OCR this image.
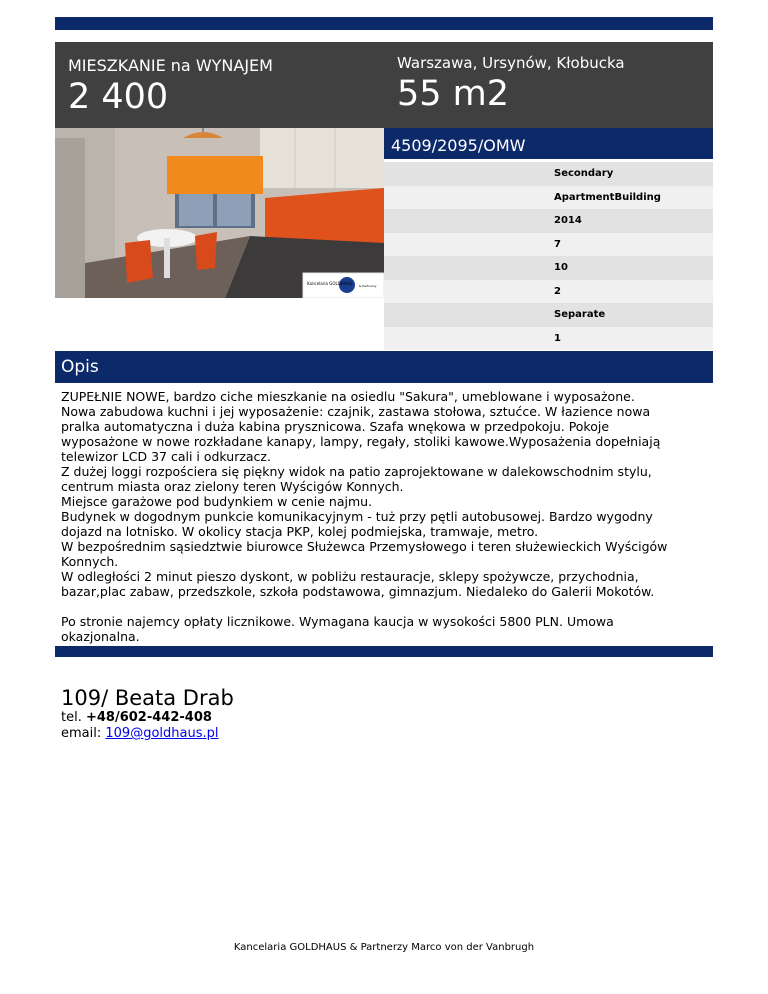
MIESZKANIE na WYNAJEM
2 400
Warszawa, Ursynów, Kłobucka
55 m2
Kancelaria GOLDHAUS & Partnerzy
4509/2095/OMW
Secondary
ApartmentBuilding
2014
7
10
2
Separate
1
Opis

ZUPEŁNIE NOWE, bardzo ciche mieszkanie na osiedlu "Sakura", umeblowane i wyposażone.

Nowa zabudowa kuchni i jej wyposażenie: czajnik, zastawa stołowa, sztućce. W łazience nowa

pralka automatyczna i duża kabina prysznicowa. Szafa wnękowa w przedpokoju. Pokoje

wyposażone w nowe rozkładane kanapy, lampy, regały, stoliki kawowe.Wyposażenia dopełniają

telewizor LCD 37 cali i odkurzacz.

Z dużej loggi rozpościera się piękny widok na patio zaprojektowane w dalekowschodnim stylu,

centrum miasta oraz zielony teren Wyścigów Konnych.

Miejsce garażowe pod budynkiem w cenie najmu.

Budynek w dogodnym punkcie komunikacyjnym - tuż przy pętli autobusowej. Bardzo wygodny

dojazd na lotnisko. W okolicy stacja PKP, kolej podmiejska, tramwaje, metro.

W bezpośrednim sąsiedztwie biurowce Służewca Przemysłowego i teren służewieckich Wyścigów

Konnych.

W odległości 2 minut pieszo dyskont, w pobliżu restauracje, sklepy spożywcze, przychodnia,

bazar,plac zabaw, przedszkole, szkoła podstawowa, gimnazjum. Niedaleko do Galerii Mokotów.

Po stronie najemcy opłaty licznikowe. Wymagana kaucja w wysokości 5800 PLN. Umowa

okazjonalna.

109/ Beata Drab
tel. +48/602-442-408
email: 109@goldhaus.pl
Kancelaria GOLDHAUS & Partnerzy Marco von der Vanbrugh
